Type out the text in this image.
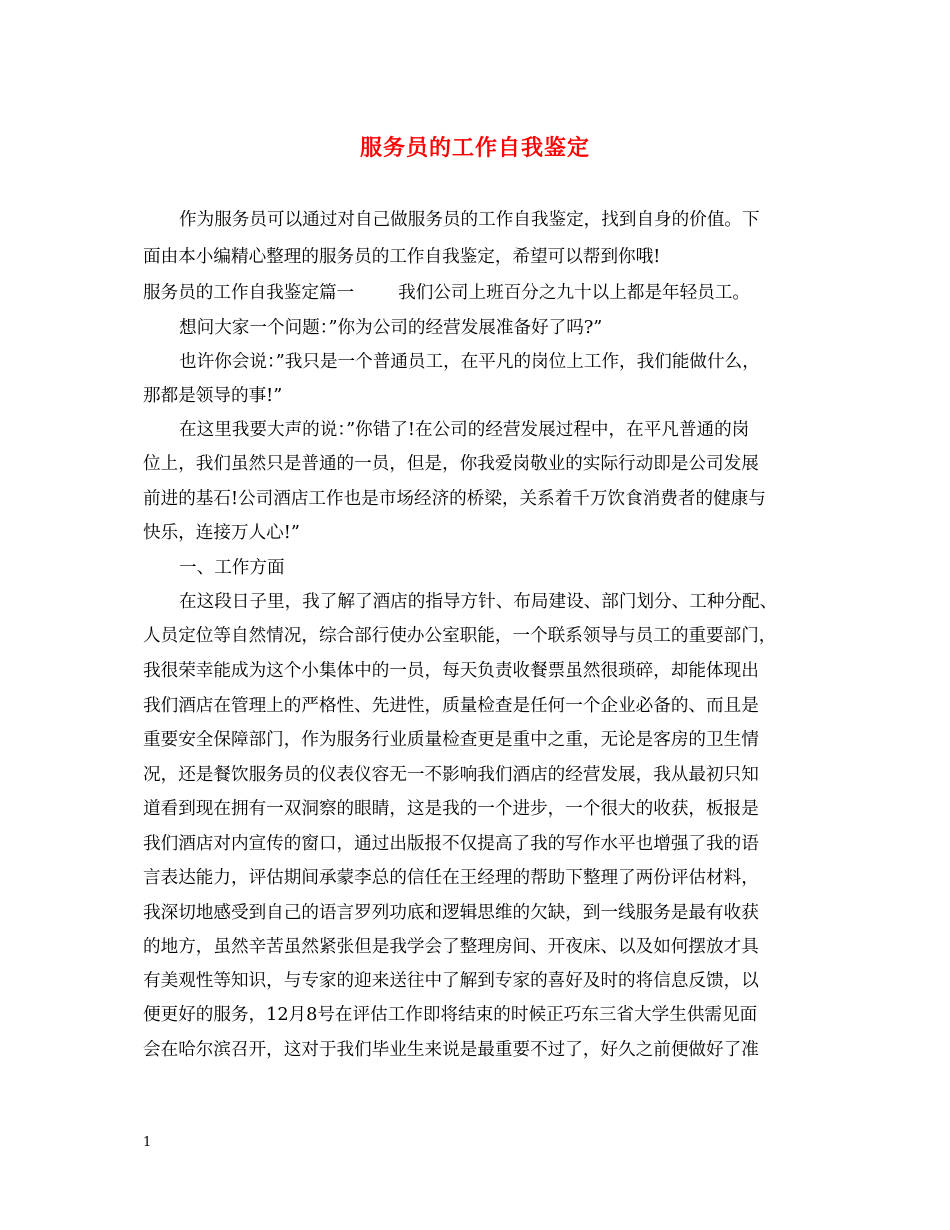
服务员的工作自我鉴定
作为服务员可以通过对自己做服务员的工作自我鉴定，找到自身的价值。下
面由本小编精心整理的服务员的工作自我鉴定，希望可以帮到你哦!
服务员的工作自我鉴定篇一	我们公司上班百分之九十以上都是年轻员工。
想问大家一个问题：”你为公司的经营发展准备好了吗?”
也许你会说：”我只是一个普通员工，在平凡的岗位上工作，我们能做什么，
那都是领导的事!”
在这里我要大声的说：”你错了!在公司的经营发展过程中，在平凡普通的岗
位上，我们虽然只是普通的一员，但是，你我爱岗敬业的实际行动即是公司发展
前进的基石!公司酒店工作也是市场经济的桥梁，关系着千万饮食消费者的健康与
快乐，连接万人心!”
一、工作方面
在这段日子里，我了解了酒店的指导方针、布局建设、部门划分、工种分配、
人员定位等自然情况，综合部行使办公室职能，一个联系领导与员工的重要部门，
我很荣幸能成为这个小集体中的一员，每天负责收餐票虽然很琐碎，却能体现出
我们酒店在管理上的严格性、先进性，质量检查是任何一个企业必备的、而且是
重要安全保障部门，作为服务行业质量检查更是重中之重，无论是客房的卫生情
况，还是餐饮服务员的仪表仪容无一不影响我们酒店的经营发展，我从最初只知
道看到现在拥有一双洞察的眼睛，这是我的一个进步，一个很大的收获，板报是
我们酒店对内宣传的窗口，通过出版报不仅提高了我的写作水平也增强了我的语
言表达能力，评估期间承蒙李总的信任在王经理的帮助下整理了两份评估材料，
我深切地感受到自己的语言罗列功底和逻辑思维的欠缺，到一线服务是最有收获
的地方，虽然辛苦虽然紧张但是我学会了整理房间、开夜床、以及如何摆放才具
有美观性等知识，与专家的迎来送往中了解到专家的喜好及时的将信息反馈，以
便更好的服务，12月8号在评估工作即将结束的时候正巧东三省大学生供需见面
会在哈尔滨召开，这对于我们毕业生来说是最重要不过了，好久之前便做好了准
1
